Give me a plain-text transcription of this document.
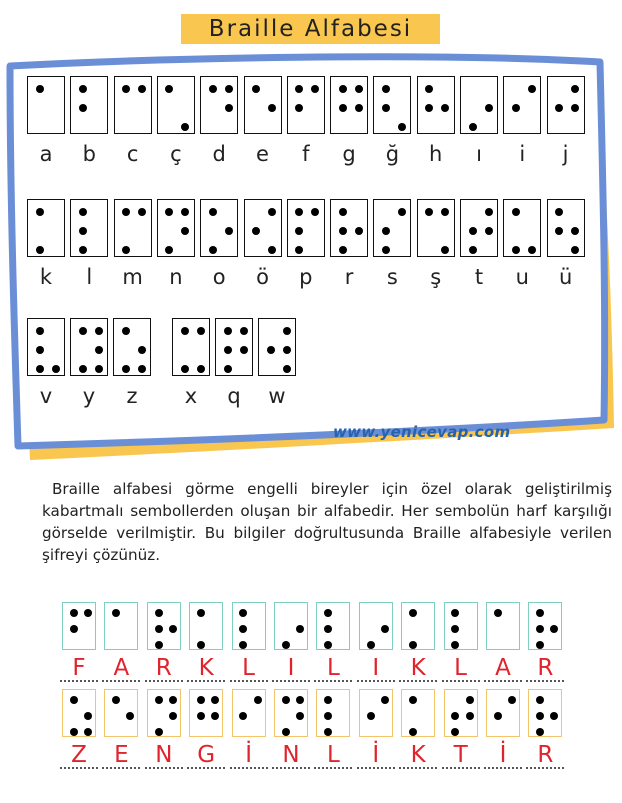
Braille Alfabesi
a	b	c	ç	d	e	f	g	ğ	h	ı	i	j
k	l	m	n	o	ö	p	r	s	ş	t	u	ü
v	y	z	x	q	w
www.yenicevap.com
Braille alfabesi görme engelli bireyler için özel olarak geliştirilmiş kabartmalı sembollerden oluşan bir alfabedir. Her sembolün harf karşılığı görselde verilmiştir. Bu bilgiler doğrultusunda Braille alfabesiyle verilen şifreyi çözünüz.
F	A	R	K	L	I	L	I	K	L	A	R
Z	E	N	G	İ	N	L	İ	K	T	İ	R
